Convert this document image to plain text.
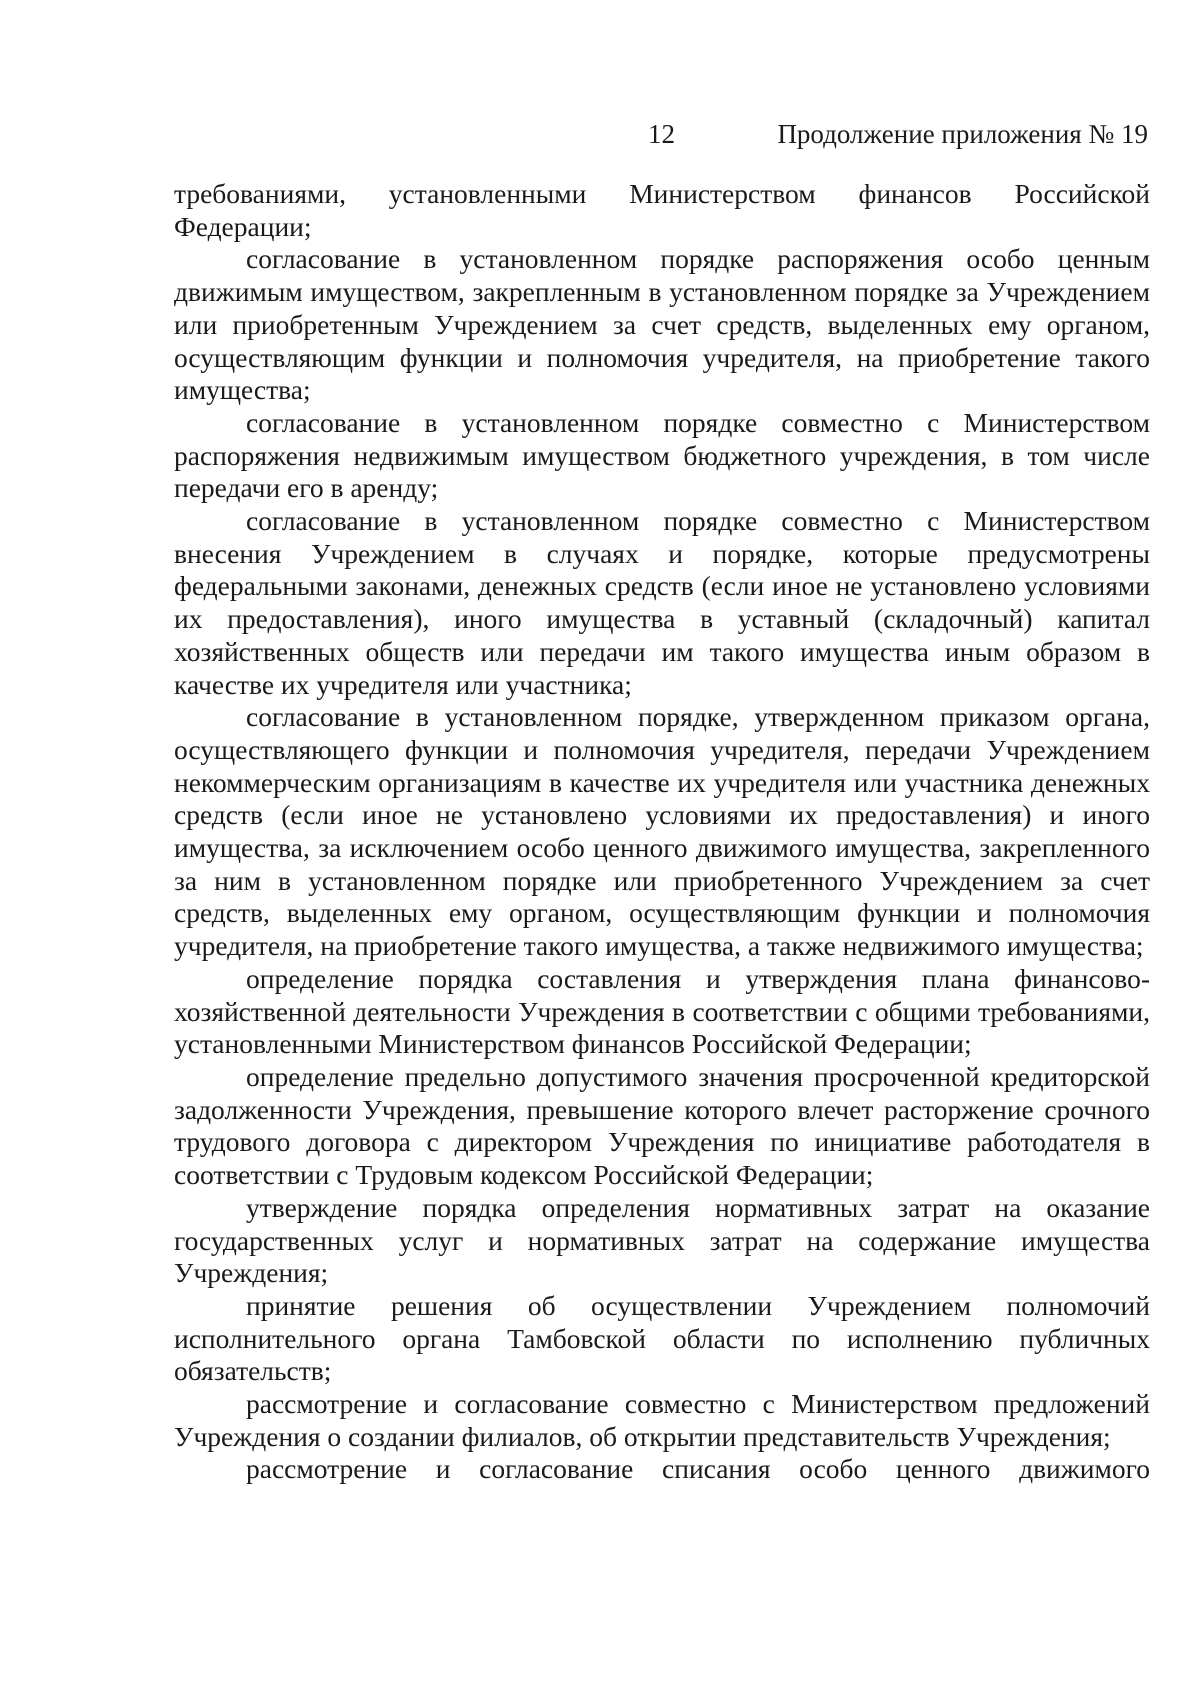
12	Продолжение приложения № 19

требованиями, установленными Министерством финансов Российской Федерации;

согласование в установленном порядке распоряжения особо ценным движимым имуществом, закрепленным в установленном порядке за Учреждением или приобретенным Учреждением за счет средств, выделенных ему органом, осуществляющим функции и полномочия учредителя, на приобретение такого имущества;

согласование в установленном порядке совместно с Министерством распоряжения недвижимым имуществом бюджетного учреждения, в том числе передачи его в аренду;

согласование в установленном порядке совместно с Министерством внесения Учреждением в случаях и порядке, которые предусмотрены федеральными законами, денежных средств (если иное не установлено условиями их предоставления), иного имущества в уставный (складочный) капитал хозяйственных обществ или передачи им такого имущества иным образом в качестве их учредителя или участника;

согласование в установленном порядке, утвержденном приказом органа, осуществляющего функции и полномочия учредителя, передачи Учреждением некоммерческим организациям в качестве их учредителя или участника денежных средств (если иное не установлено условиями их предоставления) и иного имущества, за исключением особо ценного движимого имущества, закрепленного за ним в установленном порядке или приобретенного Учреждением за счет средств, выделенных ему органом, осуществляющим функции и полномочия учредителя, на приобретение такого имущества, а также недвижимого имущества;

определение порядка составления и утверждения плана финансово-хозяйственной деятельности Учреждения в соответствии с общими требованиями, установленными Министерством финансов Российской Федерации;

определение предельно допустимого значения просроченной кредиторской задолженности Учреждения, превышение которого влечет расторжение срочного трудового договора с директором Учреждения по инициативе работодателя в соответствии с Трудовым кодексом Российской Федерации;

утверждение порядка определения нормативных затрат на оказание государственных услуг и нормативных затрат на содержание имущества Учреждения;

принятие решения об осуществлении Учреждением полномочий исполнительного органа Тамбовской области по исполнению публичных обязательств;

рассмотрение и согласование совместно с Министерством предложений Учреждения о создании филиалов, об открытии представительств Учреждения;

рассмотрение и согласование списания особо ценного движимого
